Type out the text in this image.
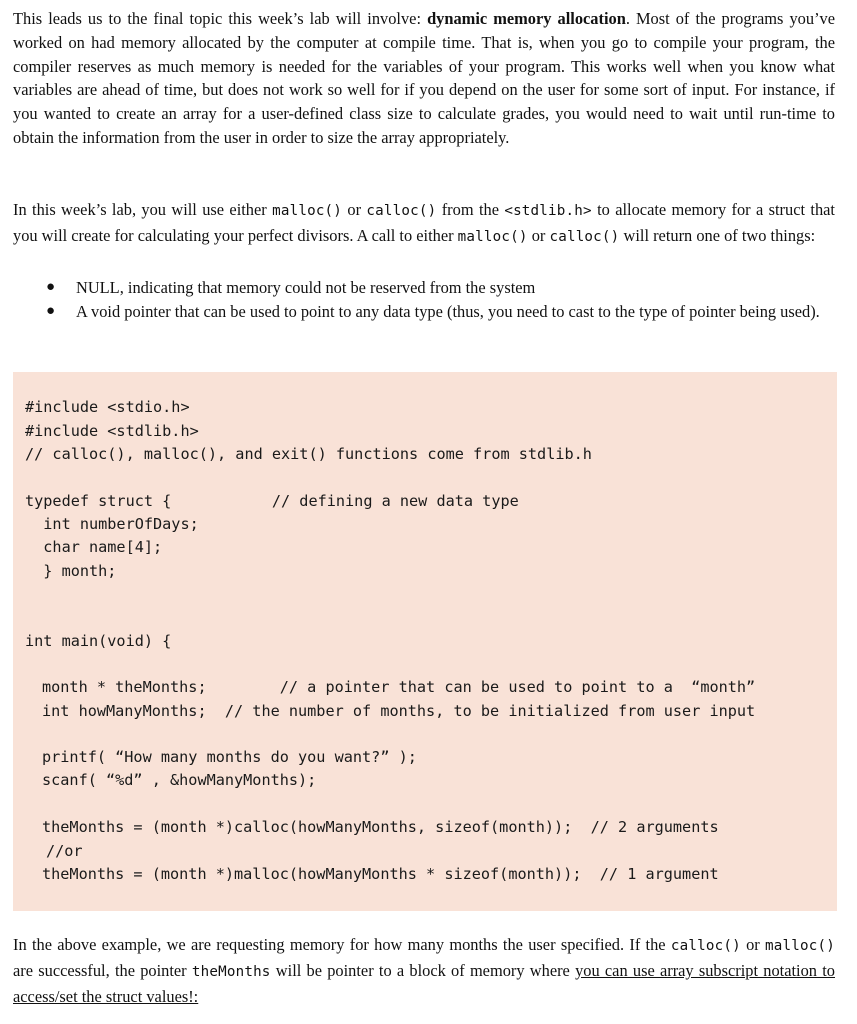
This leads us to the final topic this week’s lab will involve: dynamic memory allocation. Most of the programs you’ve worked on had memory allocated by the computer at compile time. That is, when you go to compile your program, the compiler reserves as much memory is needed for the variables of your program. This works well when you know what variables are ahead of time, but does not work so well for if you depend on the user for some sort of input. For instance, if you wanted to create an array for a user-defined class size to calculate grades, you would need to wait until run-time to obtain the information from the user in order to size the array appropriately.
In this week’s lab, you will use either malloc() or calloc() from the <stdlib.h> to allocate memory for a struct that you will create for calculating your perfect divisors. A call to either malloc() or calloc() will return one of two things:
● NULL, indicating that memory could not be reserved from the system
● A void pointer that can be used to point to any data type (thus, you need to cast to the type of pointer being used).
#include <stdio.h>
#include <stdlib.h>
// calloc(), malloc(), and exit() functions come from stdlib.h
typedef struct {           // defining a new data type
int numberOfDays;
char name[4];
} month;
int main(void) {
month * theMonths;        // a pointer that can be used to point to a  “month”
int howManyMonths;  // the number of months, to be initialized from user input
printf( “How many months do you want?” );
scanf( “%d” , &howManyMonths);
theMonths = (month *)calloc(howManyMonths, sizeof(month));  // 2 arguments
//or
theMonths = (month *)malloc(howManyMonths * sizeof(month));  // 1 argument
In the above example, we are requesting memory for how many months the user specified. If the calloc() or malloc() are successful, the pointer theMonths will be pointer to a block of memory where you can use array subscript notation to access/set the struct values!:
